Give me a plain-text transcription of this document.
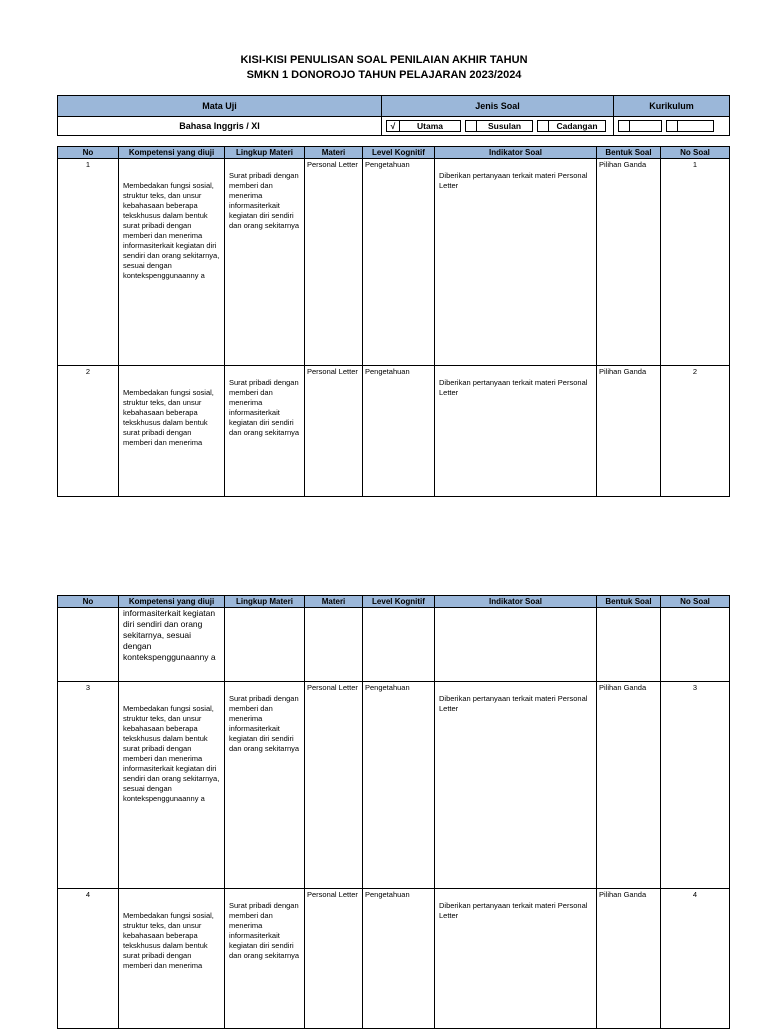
KISI-KISI PENULISAN SOAL PENILAIAN AKHIR TAHUN
SMKN 1 DONOROJO TAHUN PELAJARAN 2023/2024
Mata Uji	Jenis Soal	Kurikulum
Bahasa Inggris / XI	√ Utama Susulan Cadangan	

No	Kompetensi yang diuji	Lingkup Materi	Materi	Level Kognitif	Indikator Soal	Bentuk Soal	No Soal
1	Membedakan fungsi sosial, struktur teks, dan unsur kebahasaan beberapa tekskhusus dalam bentuk surat pribadi dengan memberi dan menerima informasiterkait kegiatan diri sendiri dan orang sekitarnya, sesuai dengan kontekspenggunaanny a	Surat pribadi dengan memberi dan menerima informasiterkait kegiatan diri sendiri dan orang sekitarnya	Personal Letter	Pengetahuan	Diberikan pertanyaan terkait materi Personal Letter	Pilihan Ganda	1
2	Membedakan fungsi sosial, struktur teks, dan unsur kebahasaan beberapa tekskhusus dalam bentuk surat pribadi dengan memberi dan menerima	Surat pribadi dengan memberi dan menerima informasiterkait kegiatan diri sendiri dan orang sekitarnya	Personal Letter	Pengetahuan	Diberikan pertanyaan terkait materi Personal Letter	Pilihan Ganda	2
No	Kompetensi yang diuji	Lingkup Materi	Materi	Level Kognitif	Indikator Soal	Bentuk Soal	No Soal
	informasiterkait kegiatan diri sendiri dan orang sekitarnya, sesuai dengan kontekspenggunaanny a						
3	Membedakan fungsi sosial, struktur teks, dan unsur kebahasaan beberapa tekskhusus dalam bentuk surat pribadi dengan memberi dan menerima informasiterkait kegiatan diri sendiri dan orang sekitarnya, sesuai dengan kontekspenggunaanny a	Surat pribadi dengan memberi dan menerima informasiterkait kegiatan diri sendiri dan orang sekitarnya	Personal Letter	Pengetahuan	Diberikan pertanyaan terkait materi Personal Letter	Pilihan Ganda	3
4	Membedakan fungsi sosial, struktur teks, dan unsur kebahasaan beberapa tekskhusus dalam bentuk surat pribadi dengan memberi dan menerima	Surat pribadi dengan memberi dan menerima informasiterkait kegiatan diri sendiri dan orang sekitarnya	Personal Letter	Pengetahuan	Diberikan pertanyaan terkait materi Personal Letter	Pilihan Ganda	4
